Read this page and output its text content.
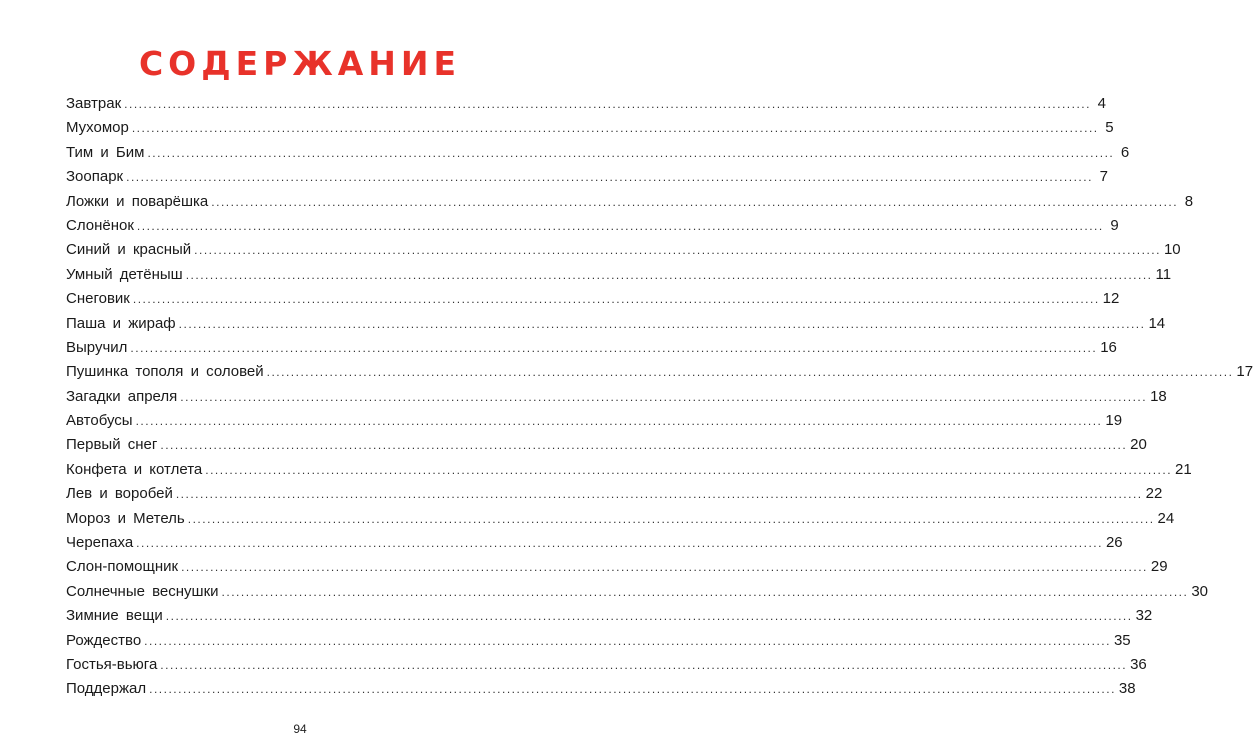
СОДЕРЖАНИЕ
Завтрак ........................................................................................................................................................................................................ 4
Мухомор ........................................................................................................................................................................................................ 5
Тим и Бим ........................................................................................................................................................................................................ 6
Зоопарк ........................................................................................................................................................................................................ 7
Ложки и поварёшка ........................................................................................................................................................................................................ 8
Слонёнок ........................................................................................................................................................................................................ 9
Синий и красный ........................................................................................................................................................................................................ 10
Умный детёныш ........................................................................................................................................................................................................ 11
Снеговик ........................................................................................................................................................................................................ 12
Паша и жираф ........................................................................................................................................................................................................ 14
Выручил ........................................................................................................................................................................................................ 16
Пушинка тополя и соловей ........................................................................................................................................................................................................ 17
Загадки апреля ........................................................................................................................................................................................................ 18
Автобусы ........................................................................................................................................................................................................ 19
Первый снег ........................................................................................................................................................................................................ 20
Конфета и котлета ........................................................................................................................................................................................................ 21
Лев и воробей ........................................................................................................................................................................................................ 22
Мороз и Метель ........................................................................................................................................................................................................ 24
Черепаха ........................................................................................................................................................................................................ 26
Слон-помощник ........................................................................................................................................................................................................ 29
Солнечные веснушки ........................................................................................................................................................................................................ 30
Зимние вещи ........................................................................................................................................................................................................ 32
Рождество ........................................................................................................................................................................................................ 35
Гостья-вьюга ........................................................................................................................................................................................................ 36
Поддержал ........................................................................................................................................................................................................ 38
94
